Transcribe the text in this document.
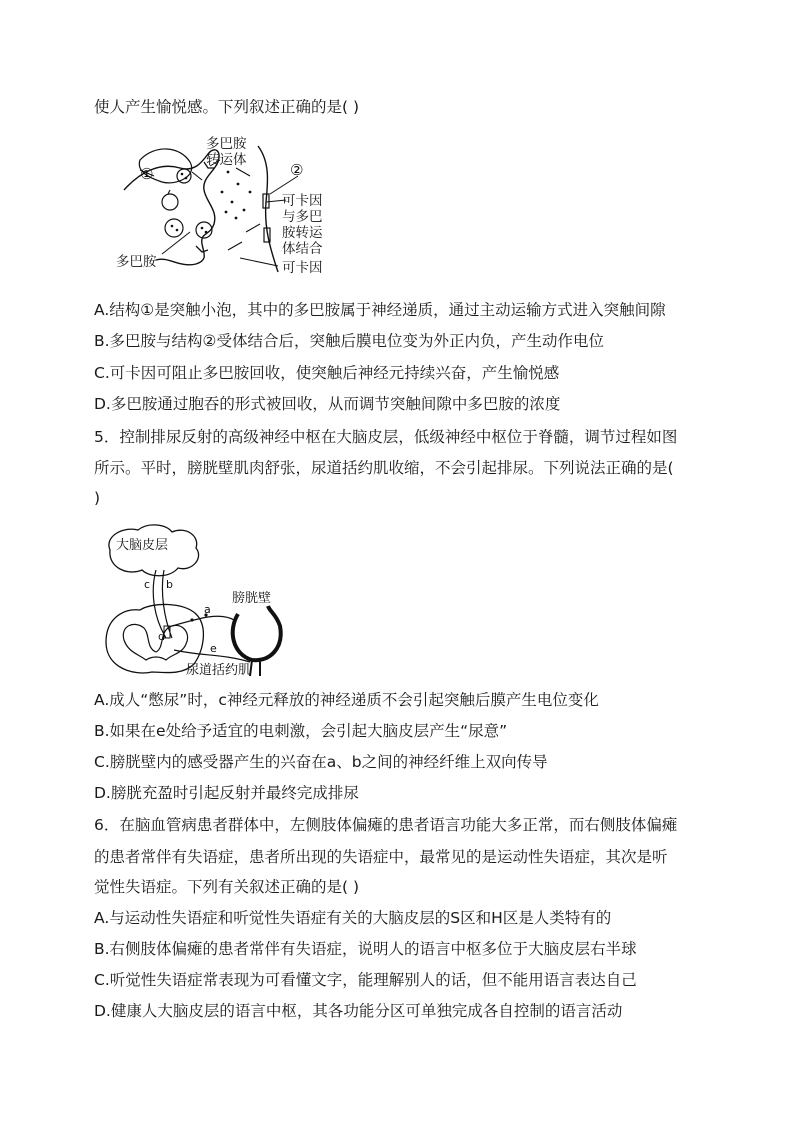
使人产生愉悦感。下列叙述正确的是( )
①	②
多巴胺
转运体
可卡因
与多巴
胺转运
体结合
多巴胺	可卡因
A.结构①是突触小泡，其中的多巴胺属于神经递质，通过主动运输方式进入突触间隙
B.多巴胺与结构②受体结合后，突触后膜电位变为外正内负，产生动作电位
C.可卡因可阻止多巴胺回收，使突触后神经元持续兴奋，产生愉悦感
D.多巴胺通过胞吞的形式被回收，从而调节突触间隙中多巴胺的浓度
5．控制排尿反射的高级神经中枢在大脑皮层，低级神经中枢位于脊髓，调节过程如图
所示。平时，膀胱壁肌肉舒张，尿道括约肌收缩，不会引起排尿。下列说法正确的是(
)
大脑皮层
c b
d
a
e
膀胱壁
尿道括约肌
A.成人“憋尿”时，c神经元释放的神经递质不会引起突触后膜产生电位变化
B.如果在e处给予适宜的电刺激，会引起大脑皮层产生“尿意”
C.膀胱壁内的感受器产生的兴奋在a、b之间的神经纤维上双向传导
D.膀胱充盈时引起反射并最终完成排尿
6．在脑血管病患者群体中，左侧肢体偏瘫的患者语言功能大多正常，而右侧肢体偏瘫
的患者常伴有失语症，患者所出现的失语症中，最常见的是运动性失语症，其次是听
觉性失语症。下列有关叙述正确的是( )
A.与运动性失语症和听觉性失语症有关的大脑皮层的S区和H区是人类特有的
B.右侧肢体偏瘫的患者常伴有失语症，说明人的语言中枢多位于大脑皮层右半球
C.听觉性失语症常表现为可看懂文字，能理解别人的话，但不能用语言表达自己
D.健康人大脑皮层的语言中枢，其各功能分区可单独完成各自控制的语言活动
